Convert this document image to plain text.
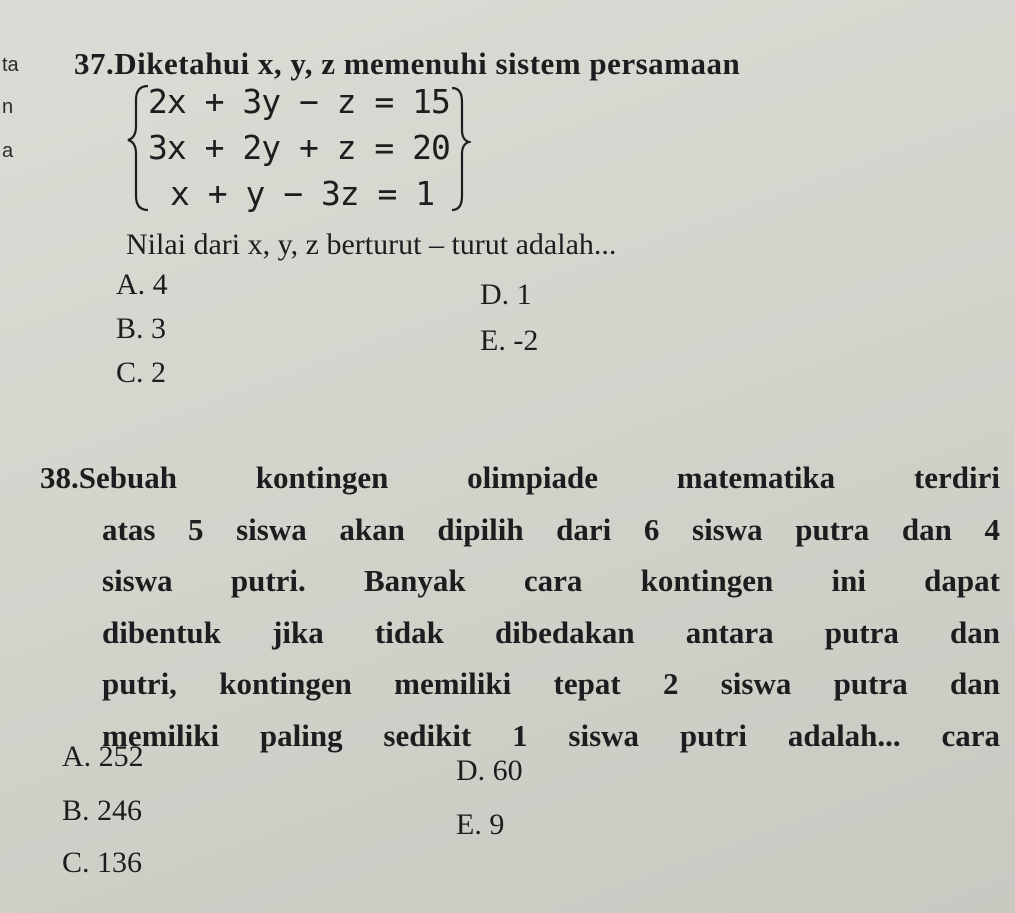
ta
n
a
37.Diketahui x, y, z memenuhi sistem persamaan
2x + 3y − z = 15
3x + 2y + z = 20
x + y − 3z = 1
Nilai dari x, y, z berturut – turut adalah...
A. 4
B. 3
C. 2
D. 1
E. -2
38.Sebuah kontingen olimpiade matematika terdiri
atas 5 siswa akan dipilih dari 6 siswa putra dan 4
siswa putri. Banyak cara kontingen ini dapat
dibentuk jika tidak dibedakan antara putra dan
putri, kontingen memiliki tepat 2 siswa putra dan
memiliki paling sedikit 1 siswa putri adalah... cara
A. 252
B. 246
C. 136
D. 60
E. 9
